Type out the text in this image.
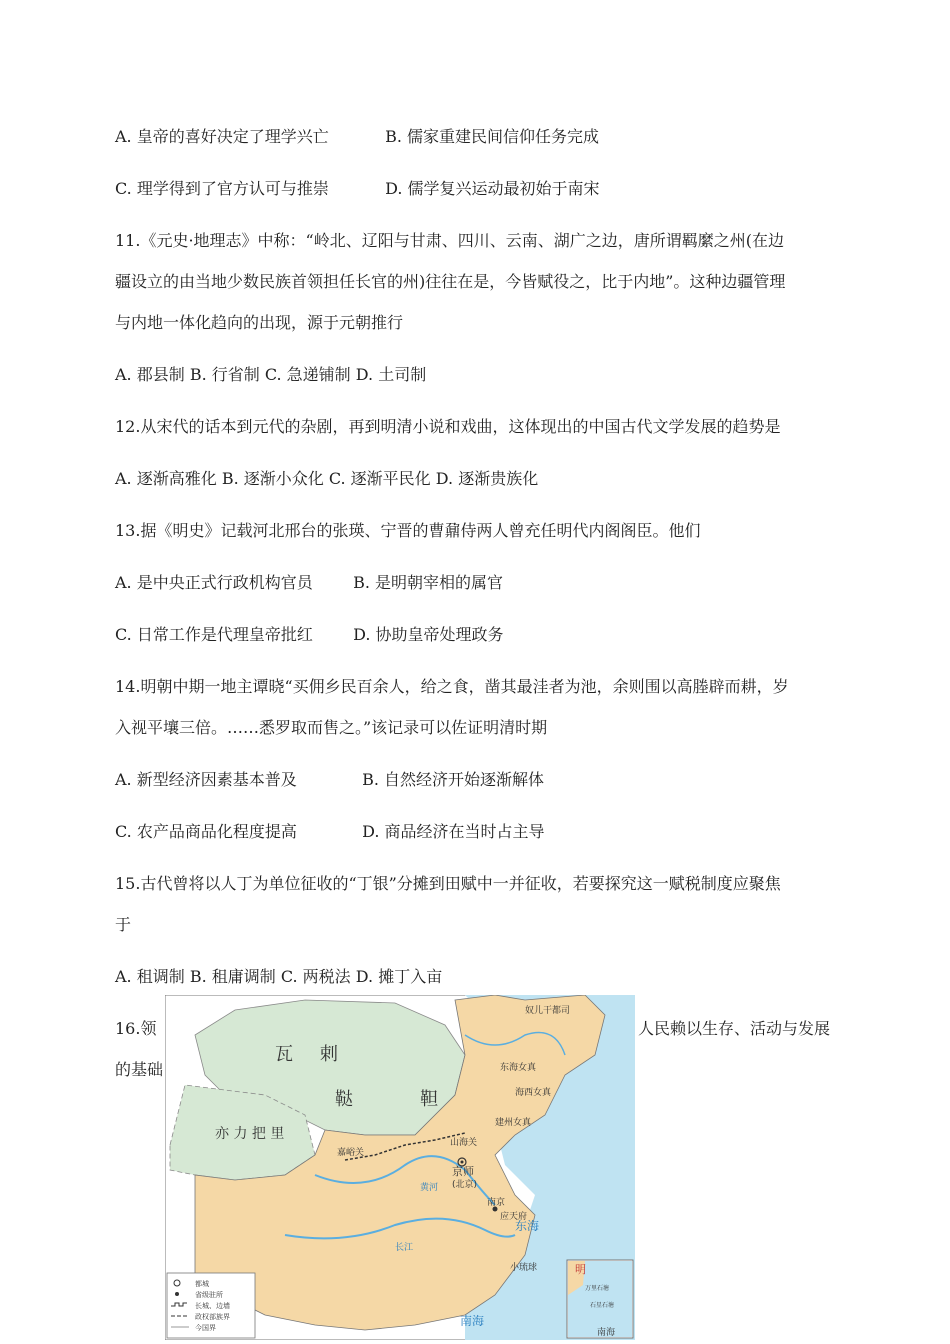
A. 皇帝的喜好决定了理学兴亡	B. 儒家重建民间信仰任务完成
C. 理学得到了官方认可与推崇	D. 儒学复兴运动最初始于南宋
11.《元史·地理志》中称：“岭北、辽阳与甘肃、四川、云南、湖广之边，唐所谓羁縻之州(在边
疆设立的由当地少数民族首领担任长官的州)往往在是，今皆赋役之，比于内地”。这种边疆管理
与内地一体化趋向的出现，源于元朝推行
A. 郡县制 B. 行省制 C. 急递铺制 D. 土司制
12.从宋代的话本到元代的杂剧，再到明清小说和戏曲，这体现出的中国古代文学发展的趋势是
A. 逐渐高雅化 B. 逐渐小众化 C. 逐渐平民化 D. 逐渐贵族化
13.据《明史》记载河北邢台的张瑛、宁晋的曹鼐侍两人曾充任明代内阁阁臣。他们
A. 是中央正式行政机构官员	B. 是明朝宰相的属官
C. 日常工作是代理皇帝批红	D. 协助皇帝处理政务
14.明朝中期一地主谭晓“买佣乡民百余人，给之食，凿其最洼者为池，余则围以高塍辟而耕，岁
入视平壤三倍。……悉罗取而售之。”该记录可以佐证明清时期
A. 新型经济因素基本普及	B. 自然经济开始逐渐解体
C. 农产品商品化程度提高	D. 商品经济在当时占主导
15.古代曾将以人丁为单位征收的“丁银”分摊到田赋中一并征收，若要探究这一赋税制度应聚焦
于
A. 租调制 B. 租庸调制 C. 两税法 D. 摊丁入亩
16.领	人民赖以生存、活动与发展
的基础
瓦 剌
鞑	靼
亦 力 把 里
奴儿干都司
东海女真
海西女真
建州女真
山海关
嘉峪关
京师
(北京)
南京
应天府
黄河
长江
东海
南海
小琉球	明
万里石塘
石星石塘
南海
都城
省级驻所
长城、边墙
政权部族界
今国界
